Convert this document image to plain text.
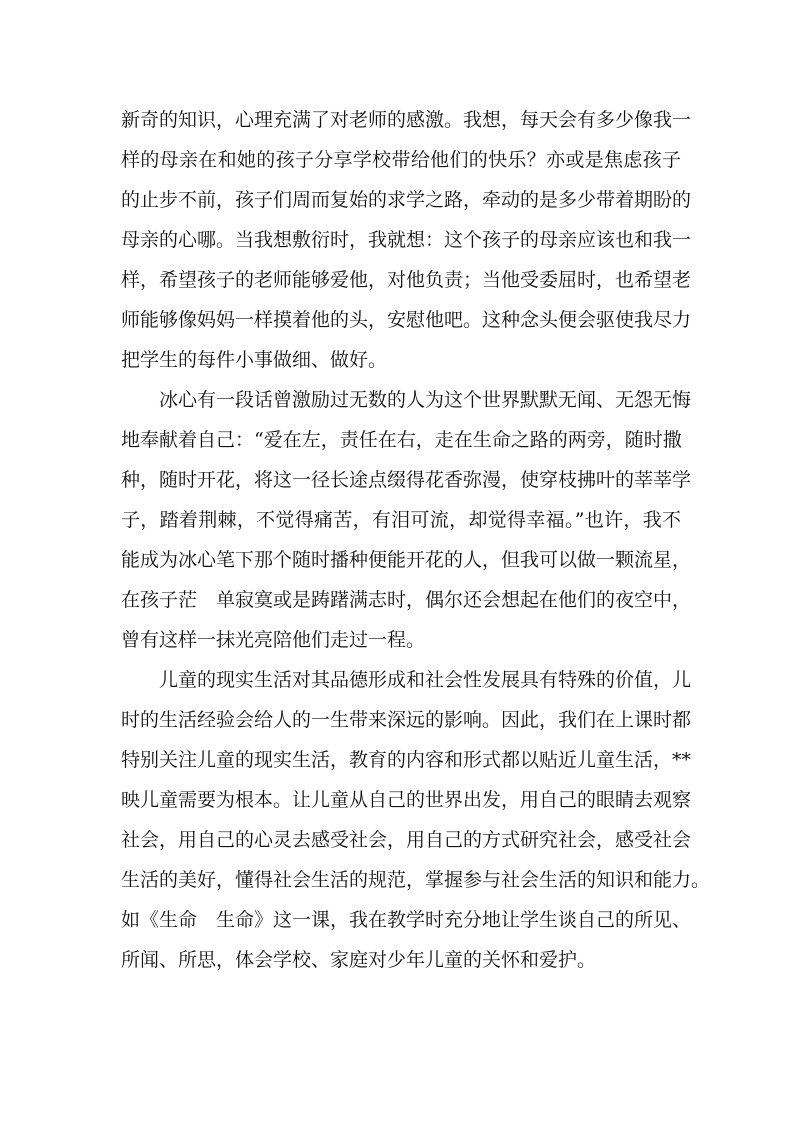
新奇的知识，心理充满了对老师的感激。我想，每天会有多少像我一
样的母亲在和她的孩子分享学校带给他们的快乐？亦或是焦虑孩子
的止步不前，孩子们周而复始的求学之路，牵动的是多少带着期盼的
母亲的心哪。当我想敷衍时，我就想：这个孩子的母亲应该也和我一
样，希望孩子的老师能够爱他，对他负责；当他受委屈时，也希望老
师能够像妈妈一样摸着他的头，安慰他吧。这种念头便会驱使我尽力
把学生的每件小事做细、做好。
冰心有一段话曾激励过无数的人为这个世界默默无闻、无怨无悔
地奉献着自己：“爱在左，责任在右，走在生命之路的两旁，随时撒
种，随时开花，将这一径长途点缀得花香弥漫，使穿枝拂叶的莘莘学
子，踏着荆棘，不觉得痛苦，有泪可流，却觉得幸福。”也许，我不
能成为冰心笔下那个随时播种便能开花的人，但我可以做一颗流星，
在孩子茫　单寂寞或是踌躇满志时，偶尔还会想起在他们的夜空中，
曾有这样一抹光亮陪他们走过一程。
儿童的现实生活对其品德形成和社会性发展具有特殊的价值，儿
时的生活经验会给人的一生带来深远的影响。因此，我们在上课时都
特别关注儿童的现实生活，教育的内容和形式都以贴近儿童生活，**
映儿童需要为根本。让儿童从自己的世界出发，用自己的眼睛去观察
社会，用自己的心灵去感受社会，用自己的方式研究社会，感受社会
生活的美好，懂得社会生活的规范，掌握参与社会生活的知识和能力。
如《生命　生命》这一课，我在教学时充分地让学生谈自己的所见、
所闻、所思，体会学校、家庭对少年儿童的关怀和爱护。
